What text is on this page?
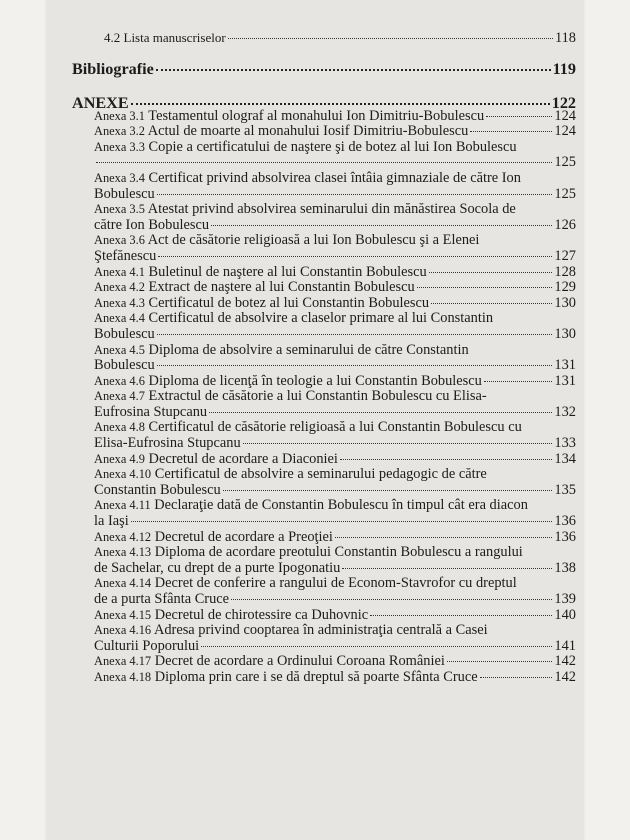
4.2 Lista manuscriselor	118
Bibliografie	119
ANEXE	122
Anexa 3.1 Testamentul olograf al monahului Ion Dimitriu-Bobulescu	124
Anexa 3.2 Actul de moarte al monahului Iosif Dimitriu-Bobulescu	124
Anexa 3.3 Copie a certificatului de naştere şi de botez al lui Ion Bobulescu
125
Anexa 3.4 Certificat privind absolvirea clasei întâia gimnaziale de către Ion
Bobulescu	125
Anexa 3.5 Atestat privind absolvirea seminarului din mănăstirea Socola de
către Ion Bobulescu	126
Anexa 3.6 Act de căsătorie religioasă a lui Ion Bobulescu şi a Elenei
Ştefănescu	127
Anexa 4.1 Buletinul de naştere al lui Constantin Bobulescu	128
Anexa 4.2 Extract de naştere al lui Constantin Bobulescu	129
Anexa 4.3 Certificatul de botez al lui Constantin Bobulescu	130
Anexa 4.4 Certificatul de absolvire a claselor primare al lui Constantin
Bobulescu	130
Anexa 4.5 Diploma de absolvire a seminarului de către Constantin
Bobulescu	131
Anexa 4.6 Diploma de licenţă în teologie a lui Constantin Bobulescu	131
Anexa 4.7 Extractul de căsătorie a lui Constantin Bobulescu cu Elisa-
Eufrosina Stupcanu	132
Anexa 4.8 Certificatul de căsătorie religioasă a lui Constantin Bobulescu cu
Elisa-Eufrosina Stupcanu	133
Anexa 4.9 Decretul de acordare a Diaconiei	134
Anexa 4.10 Certificatul de absolvire a seminarului pedagogic de către
Constantin Bobulescu	135
Anexa 4.11 Declaraţie dată de Constantin Bobulescu în timpul cât era diacon
la Iaşi	136
Anexa 4.12 Decretul de acordare a Preoţiei	136
Anexa 4.13 Diploma de acordare preotului Constantin Bobulescu a rangului
de Sachelar, cu drept de a purte Ipogonatiu	138
Anexa 4.14 Decret de conferire a rangului de Econom-Stavrofor cu dreptul
de a purta Sfânta Cruce	139
Anexa 4.15 Decretul de chirotessire ca Duhovnic	140
Anexa 4.16 Adresa privind cooptarea în administraţia centrală a Casei
Culturii Poporului	141
Anexa 4.17 Decret de acordare a Ordinului Coroana României	142
Anexa 4.18 Diploma prin care i se dă dreptul să poarte Sfânta Cruce	142
